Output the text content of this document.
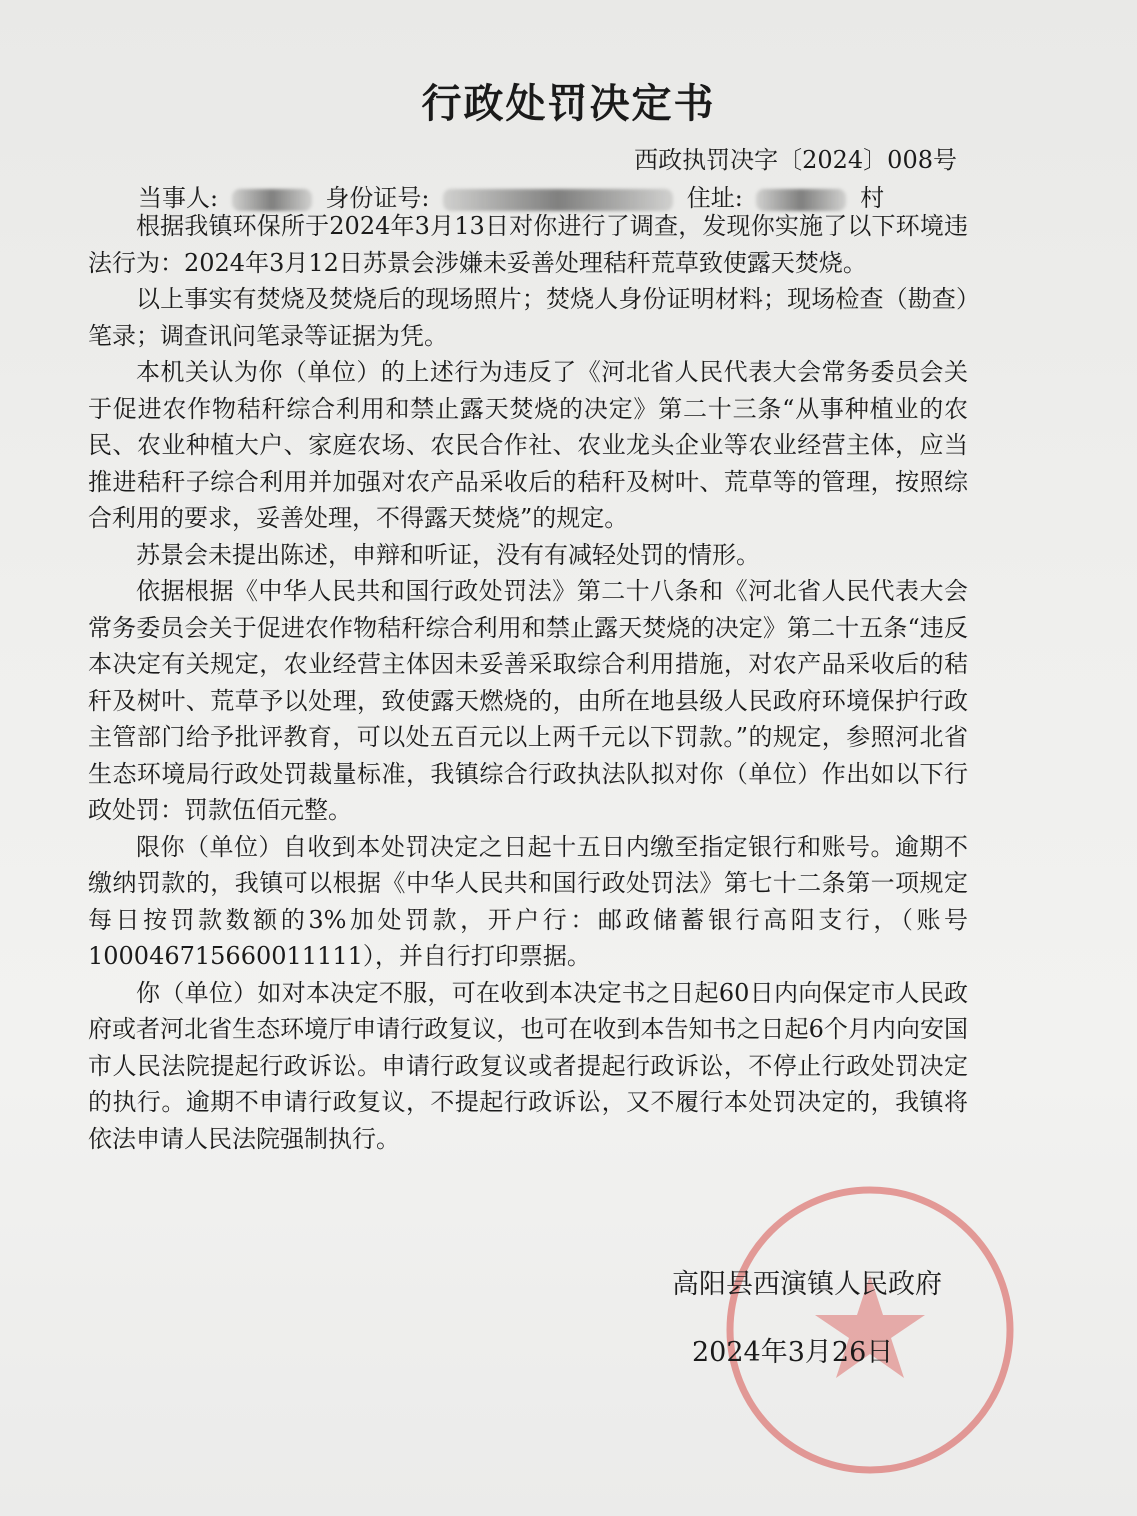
行政处罚决定书
西政执罚决字〔2024〕008号
当事人:	身份证号:	住址:	村

根据我镇环保所于2024年3月13日对你进行了调查，发现你实施了以下环境违法行为：2024年3月12日苏景会涉嫌未妥善处理秸秆荒草致使露天焚烧。

以上事实有焚烧及焚烧后的现场照片；焚烧人身份证明材料；现场检查（勘查）笔录；调查讯问笔录等证据为凭。

本机关认为你（单位）的上述行为违反了《河北省人民代表大会常务委员会关于促进农作物秸秆综合利用和禁止露天焚烧的决定》第二十三条“从事种植业的农民、农业种植大户、家庭农场、农民合作社、农业龙头企业等农业经营主体，应当推进秸秆子综合利用并加强对农产品采收后的秸秆及树叶、荒草等的管理，按照综合利用的要求，妥善处理，不得露天焚烧”的规定。

苏景会未提出陈述，申辩和听证，没有有减轻处罚的情形。

依据根据《中华人民共和国行政处罚法》第二十八条和《河北省人民代表大会常务委员会关于促进农作物秸秆综合利用和禁止露天焚烧的决定》第二十五条“违反本决定有关规定，农业经营主体因未妥善采取综合利用措施，对农产品采收后的秸秆及树叶、荒草予以处理，致使露天燃烧的，由所在地县级人民政府环境保护行政主管部门给予批评教育，可以处五百元以上两千元以下罚款。”的规定，参照河北省生态环境局行政处罚裁量标准，我镇综合行政执法队拟对你（单位）作出如以下行政处罚：罚款伍佰元整。

限你（单位）自收到本处罚决定之日起十五日内缴至指定银行和账号。逾期不缴纳罚款的，我镇可以根据《中华人民共和国行政处罚法》第七十二条第一项规定每日按罚款数额的3%加处罚款，开户行：邮政储蓄银行高阳支行，（账号100046715660011111），并自行打印票据。

你（单位）如对本决定不服，可在收到本决定书之日起60日内向保定市人民政府或者河北省生态环境厅申请行政复议，也可在收到本告知书之日起6个月内向安国市人民法院提起行政诉讼。申请行政复议或者提起行政诉讼，不停止行政处罚决定的执行。逾期不申请行政复议，不提起行政诉讼，又不履行本处罚决定的，我镇将依法申请人民法院强制执行。

高阳县西演镇人民政府
2024年3月26日
